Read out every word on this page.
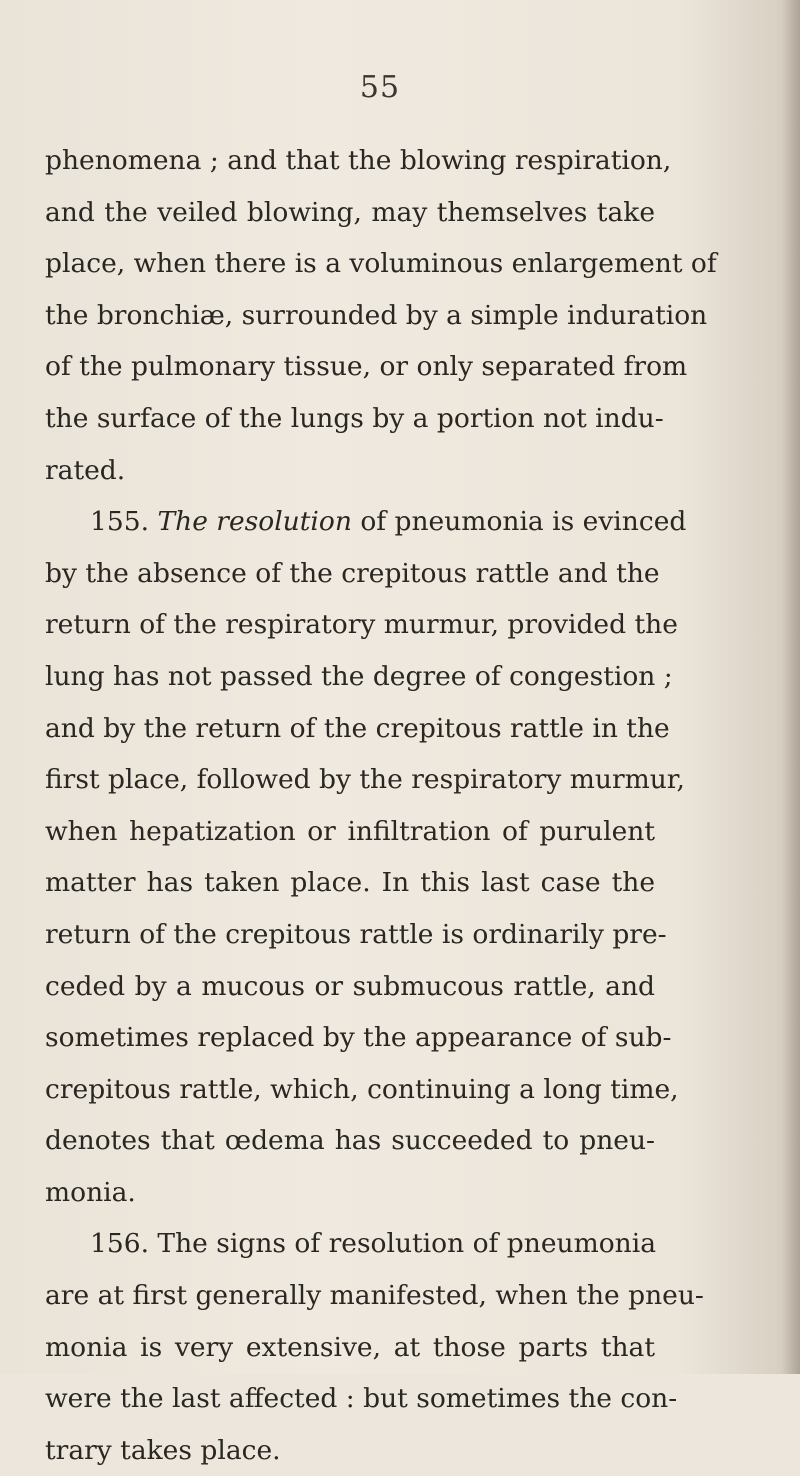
55
phenomena ; and that the blowing respiration,
and the veiled blowing, may themselves take
place, when there is a voluminous enlargement of
the bronchiæ, surrounded by a simple induration
of the pulmonary tissue, or only separated from
the surface of the lungs by a portion not indu-
rated.
155. The resolution of pneumonia is evinced
by the absence of the crepitous rattle and the
return of the respiratory murmur, provided the
lung has not passed the degree of congestion ;
and by the return of the crepitous rattle in the
first place, followed by the respiratory murmur,
when hepatization or infiltration of purulent
matter has taken place. In this last case the
return of the crepitous rattle is ordinarily pre-
ceded by a mucous or submucous rattle, and
sometimes replaced by the appearance of sub-
crepitous rattle, which, continuing a long time,
denotes that œdema has succeeded to pneu-
monia.
156. The signs of resolution of pneumonia
are at first generally manifested, when the pneu-
monia is very extensive, at those parts that
were the last affected : but sometimes the con-
trary takes place.
